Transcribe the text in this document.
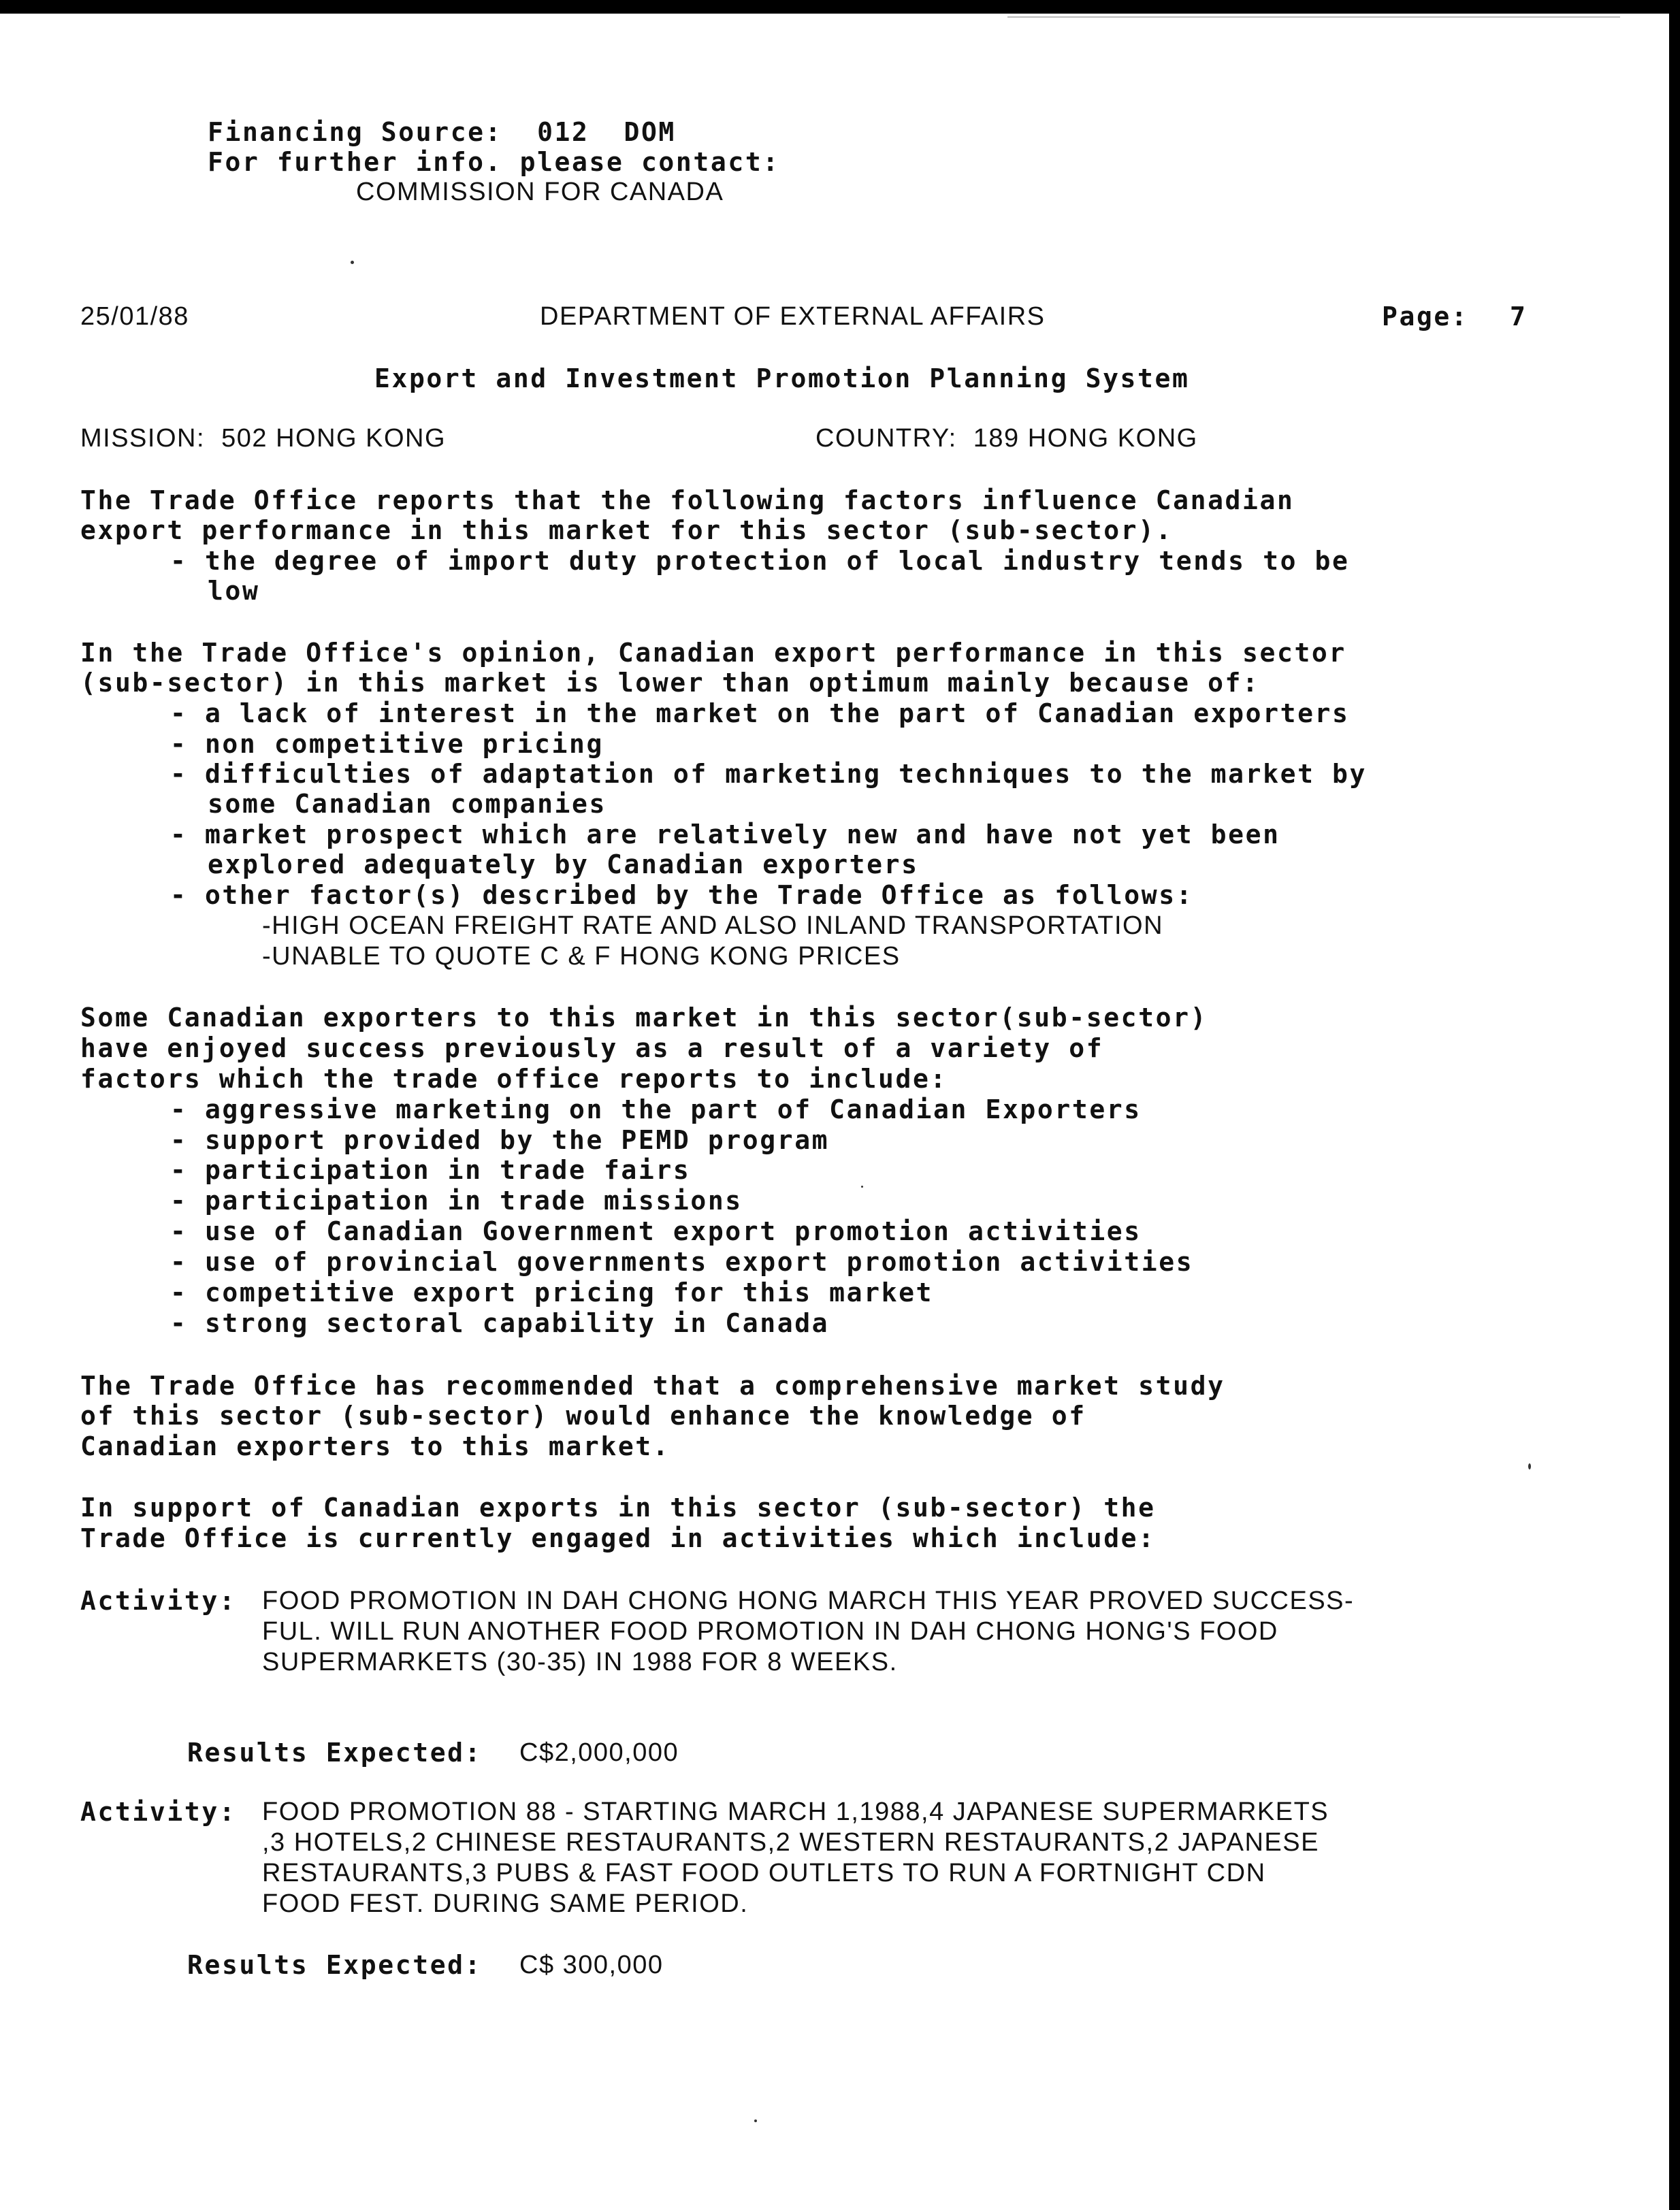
Financing Source:  012  DOM
For further info. please contact:
COMMISSION FOR CANADA
25/01/88	DEPARTMENT OF EXTERNAL AFFAIRS	Page: 7
Export and Investment Promotion Planning System
MISSION:  502 HONG KONG	COUNTRY:  189 HONG KONG
The Trade Office reports that the following factors influence Canadian
export performance in this market for this sector (sub-sector).
- the degree of import duty protection of local industry tends to be
low
In the Trade Office's opinion, Canadian export performance in this sector
(sub-sector) in this market is lower than optimum mainly because of:
- a lack of interest in the market on the part of Canadian exporters
- non competitive pricing
- difficulties of adaptation of marketing techniques to the market by
some Canadian companies
- market prospect which are relatively new and have not yet been
explored adequately by Canadian exporters
- other factor(s) described by the Trade Office as follows:
-HIGH OCEAN FREIGHT RATE AND ALSO INLAND TRANSPORTATION
-UNABLE TO QUOTE C & F HONG KONG PRICES
Some Canadian exporters to this market in this sector(sub-sector)
have enjoyed success previously as a result of a variety of
factors which the trade office reports to include:
- aggressive marketing on the part of Canadian Exporters
- support provided by the PEMD program
- participation in trade fairs
- participation in trade missions
- use of Canadian Government export promotion activities
- use of provincial governments export promotion activities
- competitive export pricing for this market
- strong sectoral capability in Canada
The Trade Office has recommended that a comprehensive market study
of this sector (sub-sector) would enhance the knowledge of
Canadian exporters to this market.
In support of Canadian exports in this sector (sub-sector) the
Trade Office is currently engaged in activities which include:
Activity: FOOD PROMOTION IN DAH CHONG HONG MARCH THIS YEAR PROVED SUCCESS-
FUL. WILL RUN ANOTHER FOOD PROMOTION IN DAH CHONG HONG'S FOOD
SUPERMARKETS (30-35) IN 1988 FOR 8 WEEKS.
Results Expected: C$2,000,000
Activity: FOOD PROMOTION 88 - STARTING MARCH 1,1988,4 JAPANESE SUPERMARKETS
,3 HOTELS,2 CHINESE RESTAURANTS,2 WESTERN RESTAURANTS,2 JAPANESE
RESTAURANTS,3 PUBS & FAST FOOD OUTLETS TO RUN A FORTNIGHT CDN
FOOD FEST. DURING SAME PERIOD.
Results Expected: C$ 300,000
